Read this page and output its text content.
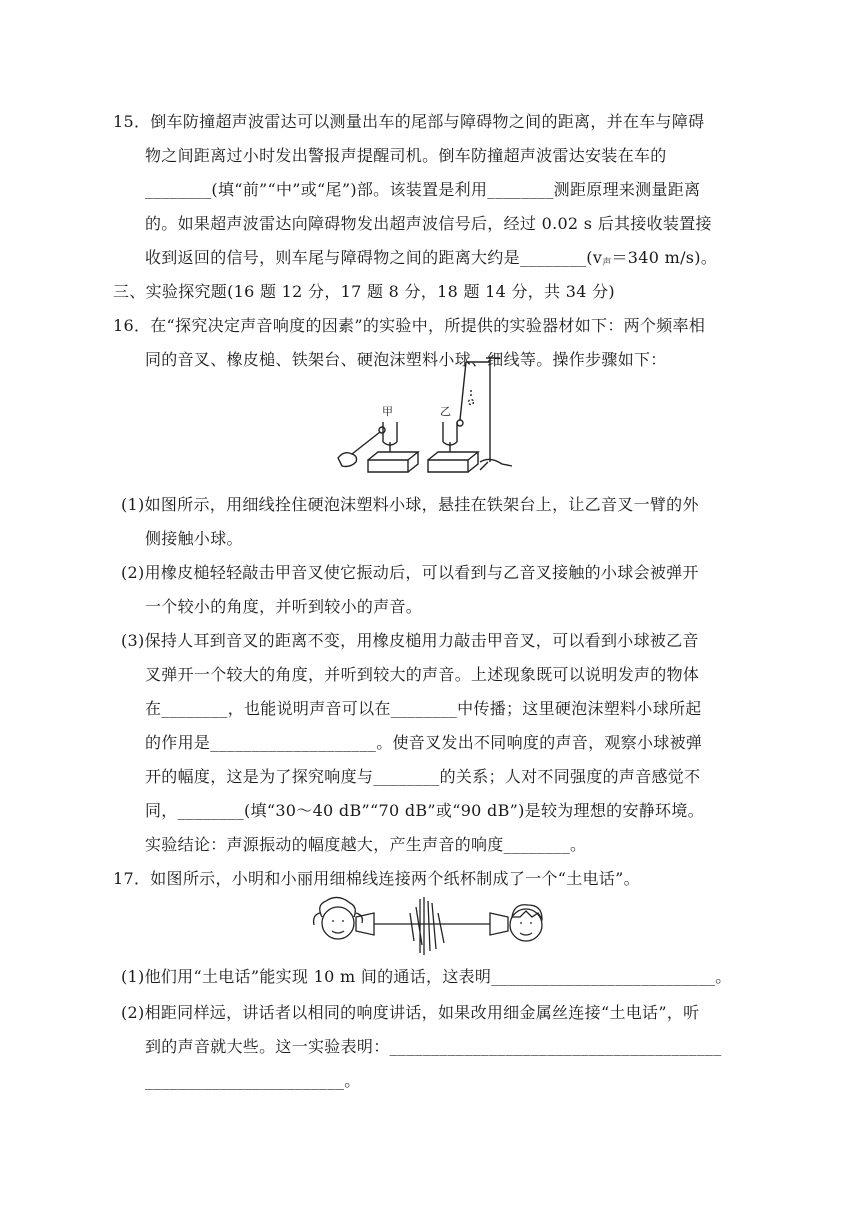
15．倒车防撞超声波雷达可以测量出车的尾部与障碍物之间的距离，并在车与障碍
物之间距离过小时发出警报声提醒司机。倒车防撞超声波雷达安装在车的
________(填“前”“中”或“尾”)部。该装置是利用________测距原理来测量距离
的。如果超声波雷达向障碍物发出超声波信号后，经过 0.02 s 后其接收装置接
收到返回的信号，则车尾与障碍物之间的距离大约是$\_\_\_\_\_\_\_\_(v_声=340$ m/s)。
三、实验探究题(16 题 12 分，17 题 8 分，18 题 14 分，共 34 分)
16．在“探究决定声音响度的因素”的实验中，所提供的实验器材如下：两个频率相
同的音叉、橡皮槌、铁架台、硬泡沫塑料小球、细线等。操作步骤如下：
甲	乙
(1)如图所示，用细线拴住硬泡沫塑料小球，悬挂在铁架台上，让乙音叉一臂的外
侧接触小球。
(2)用橡皮槌轻轻敲击甲音叉使它振动后，可以看到与乙音叉接触的小球会被弹开
一个较小的角度，并听到较小的声音。
(3)保持人耳到音叉的距离不变，用橡皮槌用力敲击甲音叉，可以看到小球被乙音
叉弹开一个较大的角度，并听到较大的声音。上述现象既可以说明发声的物体
在________，也能说明声音可以在________中传播；这里硬泡沫塑料小球所起
的作用是____________________。使音叉发出不同响度的声音，观察小球被弹
开的幅度，这是为了探究响度与________的关系；人对不同强度的声音感觉不
同，________(填“30～40 dB”“70 dB”或“90 dB”)是较为理想的安静环境。
实验结论：声源振动的幅度越大，产生声音的响度________。
17．如图所示，小明和小丽用细棉线连接两个纸杯制成了一个“土电话”。
(1)他们用“土电话”能实现 10 m 间的通话，这表明___________________________。
(2)相距同样远，讲话者以相同的响度讲话，如果改用细金属丝连接“土电话”，听
到的声音就大些。这一实验表明：________________________________________
________________________。
